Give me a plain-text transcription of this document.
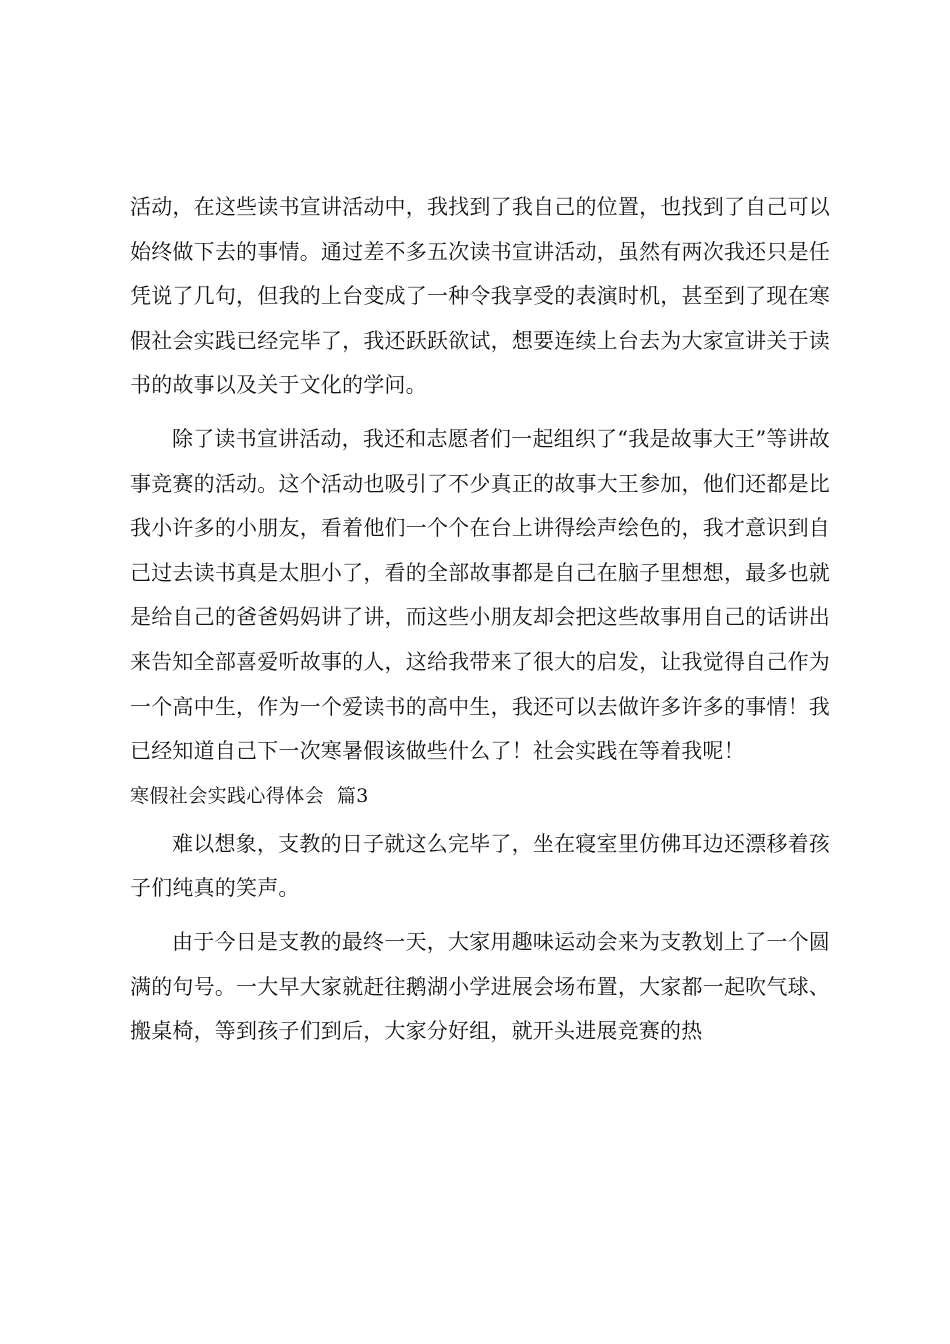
活动，在这些读书宣讲活动中，我找到了我自己的位置，也找到了自己可以始终做下去的事情。通过差不多五次读书宣讲活动，虽然有两次我还只是任凭说了几句，但我的上台变成了一种令我享受的表演时机，甚至到了现在寒假社会实践已经完毕了，我还跃跃欲试，想要连续上台去为大家宣讲关于读书的故事以及关于文化的学问。

除了读书宣讲活动，我还和志愿者们一起组织了“我是故事大王”等讲故事竞赛的活动。这个活动也吸引了不少真正的故事大王参加，他们还都是比我小许多的小朋友，看着他们一个个在台上讲得绘声绘色的，我才意识到自己过去读书真是太胆小了，看的全部故事都是自己在脑子里想想，最多也就是给自己的爸爸妈妈讲了讲，而这些小朋友却会把这些故事用自己的话讲出来告知全部喜爱听故事的人，这给我带来了很大的启发，让我觉得自己作为一个高中生，作为一个爱读书的高中生，我还可以去做许多许多的事情！我已经知道自己下一次寒暑假该做些什么了！社会实践在等着我呢！

寒假社会实践心得体会  篇3

难以想象，支教的日子就这么完毕了，坐在寝室里仿佛耳边还漂移着孩子们纯真的笑声。

由于今日是支教的最终一天，大家用趣味运动会来为支教划上了一个圆满的句号。一大早大家就赶往鹅湖小学进展会场布置，大家都一起吹气球、搬桌椅，等到孩子们到后，大家分好组，就开头进展竞赛的热
